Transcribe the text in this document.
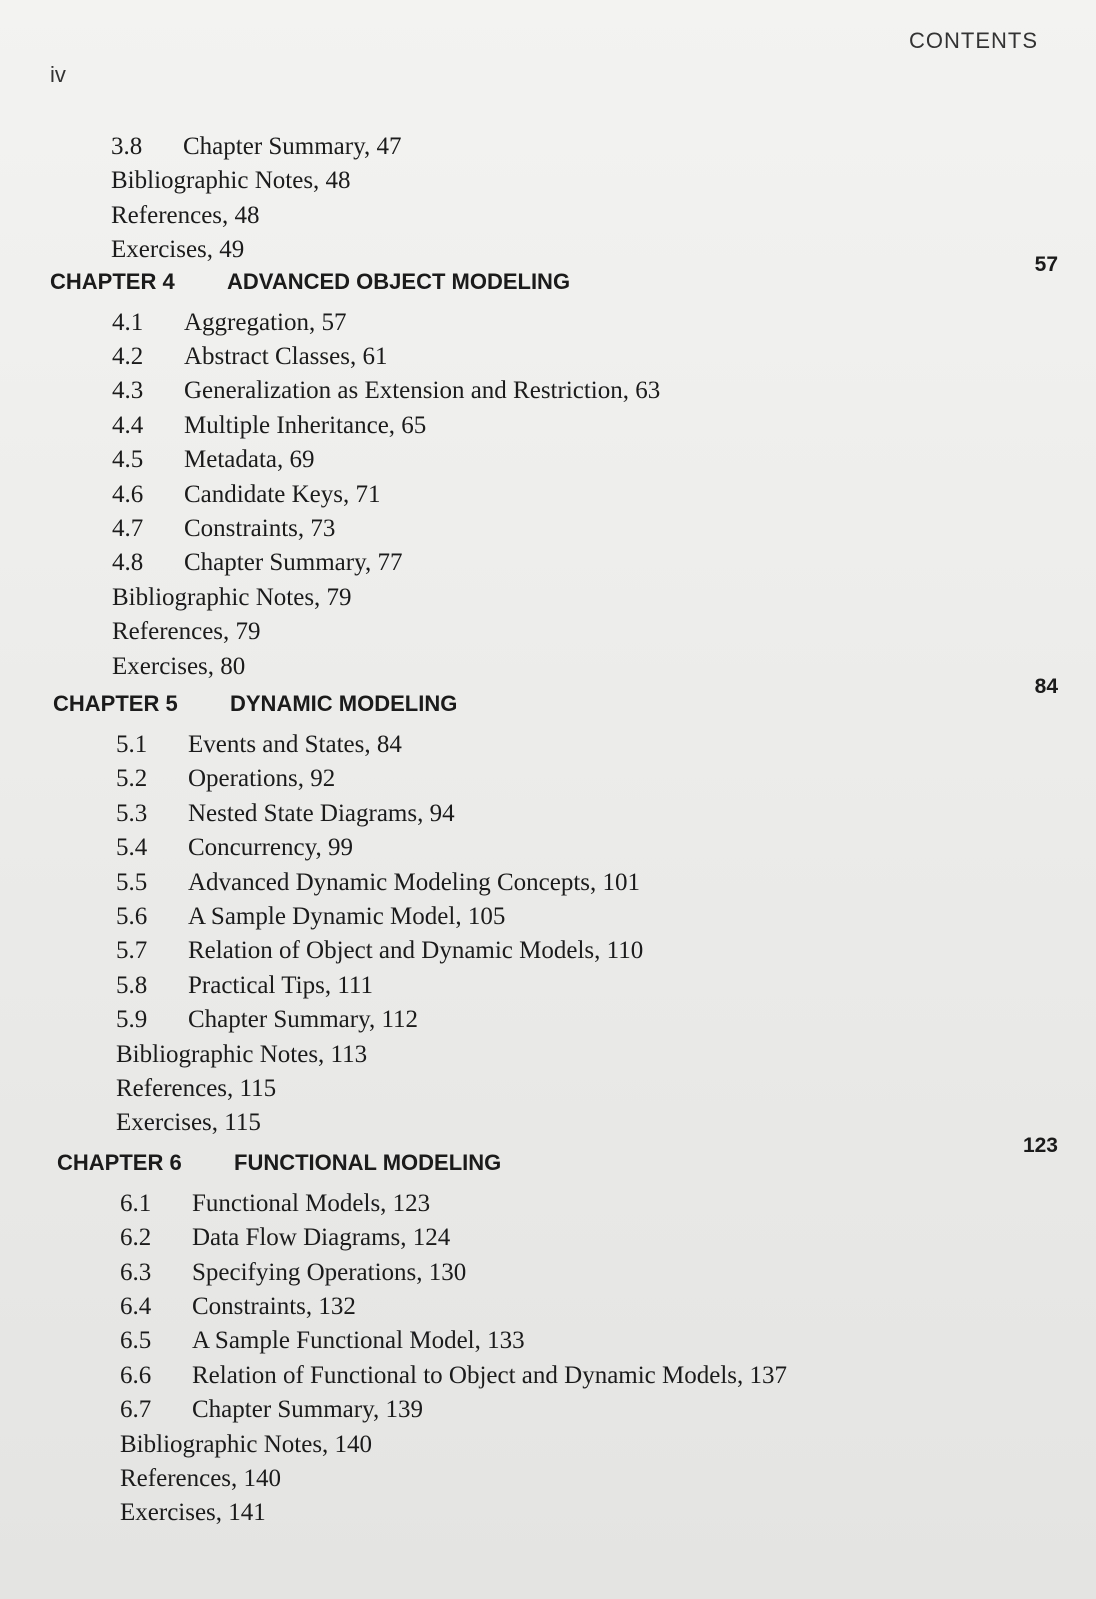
iv
CONTENTS
3.8 Chapter Summary, 47
Bibliographic Notes, 48
References, 48
Exercises, 49
CHAPTER 4 ADVANCED OBJECT MODELING
57
4.1 Aggregation, 57
4.2 Abstract Classes, 61
4.3 Generalization as Extension and Restriction, 63
4.4 Multiple Inheritance, 65
4.5 Metadata, 69
4.6 Candidate Keys, 71
4.7 Constraints, 73
4.8 Chapter Summary, 77
Bibliographic Notes, 79
References, 79
Exercises, 80
CHAPTER 5 DYNAMIC MODELING
84
5.1 Events and States, 84
5.2 Operations, 92
5.3 Nested State Diagrams, 94
5.4 Concurrency, 99
5.5 Advanced Dynamic Modeling Concepts, 101
5.6 A Sample Dynamic Model, 105
5.7 Relation of Object and Dynamic Models, 110
5.8 Practical Tips, 111
5.9 Chapter Summary, 112
Bibliographic Notes, 113
References, 115
Exercises, 115
CHAPTER 6 FUNCTIONAL MODELING
123
6.1 Functional Models, 123
6.2 Data Flow Diagrams, 124
6.3 Specifying Operations, 130
6.4 Constraints, 132
6.5 A Sample Functional Model, 133
6.6 Relation of Functional to Object and Dynamic Models, 137
6.7 Chapter Summary, 139
Bibliographic Notes, 140
References, 140
Exercises, 141
